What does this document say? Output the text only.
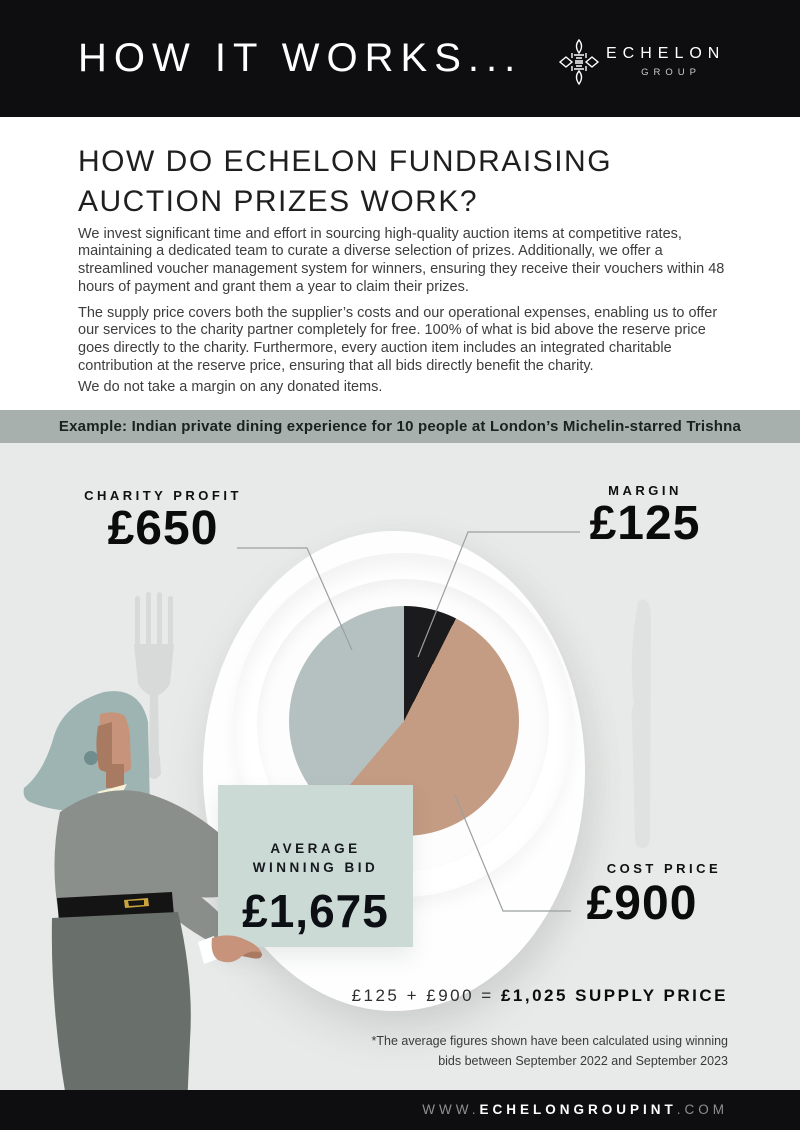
HOW IT WORKS...	ECHELON
GROUP
HOW DO ECHELON FUNDRAISING
AUCTION PRIZES WORK?

We invest significant time and effort in sourcing high-quality auction items at competitive rates, maintaining a dedicated team to curate a diverse selection of prizes. Additionally, we offer a streamlined voucher management system for winners, ensuring they receive their vouchers within 48 hours of payment and grant them a year to claim their prizes.

The supply price covers both the supplier’s costs and our operational expenses, enabling us to offer our services to the charity partner completely for free. 100% of what is bid above the reserve price goes directly to the charity. Furthermore, every auction item includes an integrated charitable contribution at the reserve price, ensuring that all bids directly benefit the charity.

We do not take a margin on any donated items.

Example: Indian private dining experience for 10 people at London’s Michelin-starred Trishna
CHARITY PROFIT
£650
MARGIN
£125
COST PRICE
£900
AVERAGE
WINNING BID
£1,675
£125 + £900 = £1,025 SUPPLY PRICE
*The average figures shown have been calculated using winning
bids between September 2022 and September 2023
WWW.ECHELONGROUPINT.COM
